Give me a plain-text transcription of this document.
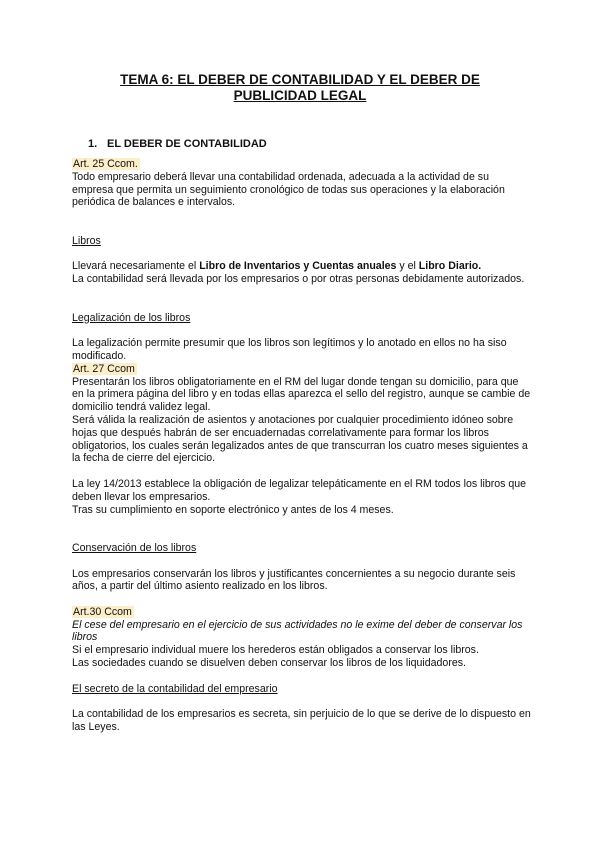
TEMA 6: EL DEBER DE CONTABILIDAD Y EL DEBER DE
PUBLICIDAD LEGAL
1. EL DEBER DE CONTABILIDAD

Art. 25 Ccom.

Todo empresario deberá llevar una contabilidad ordenada, adecuada a la actividad de su empresa que permita un seguimiento cronológico de todas sus operaciones y la elaboración periódica de balances e intervalos.

Libros

Llevará necesariamente el Libro de Inventarios y Cuentas anuales y el Libro Diario.

La contabilidad será llevada por los empresarios o por otras personas debidamente autorizados.

Legalización de los libros

La legalización permite presumir que los libros son legítimos y lo anotado en ellos no ha siso modificado.

Art. 27 Ccom

Presentarán los libros obligatoriamente en el RM del lugar donde tengan su domicilio, para que en la primera página del libro y en todas ellas aparezca el sello del registro, aunque se cambie de domicilio tendrá validez legal.

Será válida la realización de asientos y anotaciones por cualquier procedimiento idóneo sobre hojas que después habrán de ser encuadernadas correlativamente para formar los libros obligatorios, los cuales serán legalizados antes de que transcurran los cuatro meses siguientes a la fecha de cierre del ejercicio.

La ley 14/2013 establece la obligación de legalizar telepáticamente en el RM todos los libros que deben llevar los empresarios.

Tras su cumplimiento en soporte electrónico y antes de los 4 meses.

Conservación de los libros

Los empresarios conservarán los libros y justificantes concernientes a su negocio durante seis años, a partir del último asiento realizado en los libros.

Art.30 Ccom

El cese del empresario en el ejercicio de sus actividades no le exime del deber de conservar los libros

Si el empresario individual muere los herederos están obligados a conservar los libros.

Las sociedades cuando se disuelven deben conservar los libros de los liquidadores.

El secreto de la contabilidad del empresario

La contabilidad de los empresarios es secreta, sin perjuicio de lo que se derive de lo dispuesto en las Leyes.
